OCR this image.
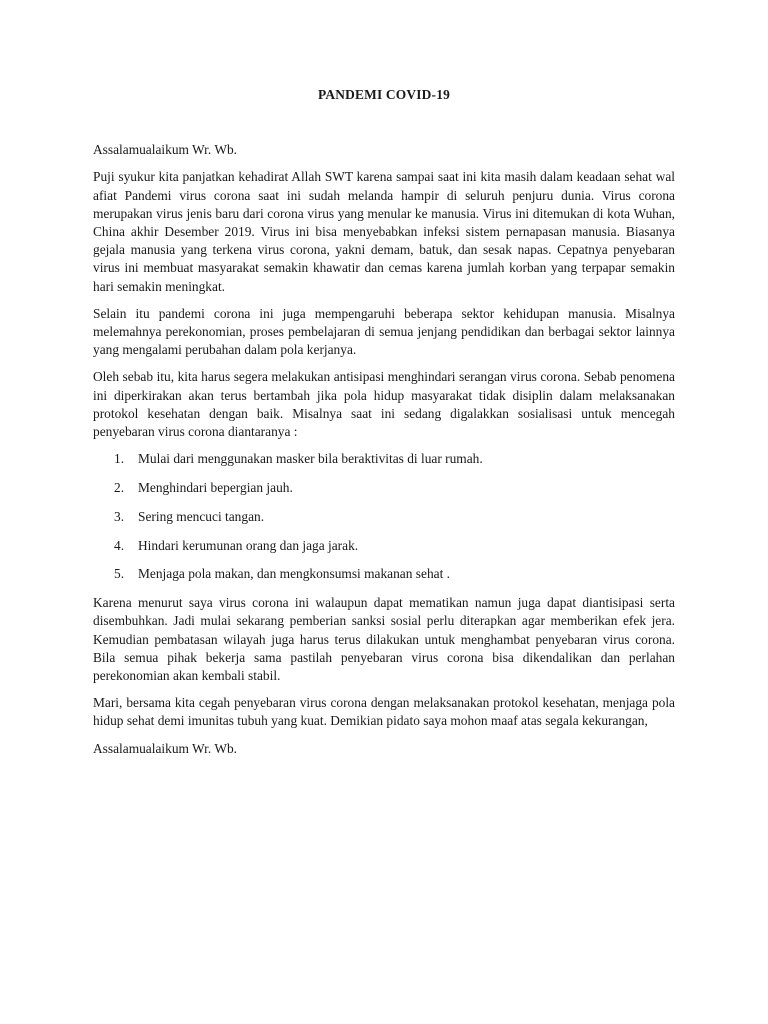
PANDEMI COVID-19

Assalamualaikum Wr. Wb.

Puji syukur kita panjatkan kehadirat Allah SWT karena sampai saat ini kita masih dalam keadaan sehat wal afiat Pandemi virus corona saat ini sudah melanda hampir di seluruh penjuru dunia. Virus corona merupakan virus jenis baru dari corona virus yang menular ke manusia. Virus ini ditemukan di kota Wuhan, China akhir Desember 2019. Virus ini bisa menyebabkan infeksi sistem pernapasan manusia. Biasanya gejala manusia yang terkena virus corona, yakni demam, batuk, dan sesak napas. Cepatnya penyebaran virus ini membuat masyarakat semakin khawatir dan cemas karena jumlah korban yang terpapar semakin hari semakin meningkat.

Selain itu pandemi corona ini juga mempengaruhi beberapa sektor kehidupan manusia. Misalnya melemahnya perekonomian, proses pembelajaran di semua jenjang pendidikan dan berbagai sektor lainnya yang mengalami perubahan dalam pola kerjanya.

Oleh sebab itu, kita harus segera melakukan antisipasi menghindari serangan virus corona. Sebab penomena ini diperkirakan akan terus bertambah jika pola hidup masyarakat tidak disiplin dalam melaksanakan protokol kesehatan dengan baik. Misalnya saat ini sedang digalakkan sosialisasi untuk mencegah penyebaran virus corona diantaranya :

1.	Mulai dari menggunakan masker bila beraktivitas di luar rumah.
2.	Menghindari bepergian jauh.
3.	Sering mencuci tangan.
4.	Hindari kerumunan orang dan jaga jarak.
5.	Menjaga pola makan, dan mengkonsumsi makanan sehat .

Karena menurut saya virus corona ini walaupun dapat mematikan namun juga dapat diantisipasi serta disembuhkan. Jadi mulai sekarang pemberian sanksi sosial perlu diterapkan agar memberikan efek jera. Kemudian pembatasan wilayah juga harus terus dilakukan untuk menghambat penyebaran virus corona. Bila semua pihak bekerja sama pastilah penyebaran virus corona bisa dikendalikan dan perlahan perekonomian akan kembali stabil.

Mari, bersama kita cegah penyebaran virus corona dengan melaksanakan protokol kesehatan, menjaga pola hidup sehat demi imunitas tubuh yang kuat. Demikian pidato saya mohon maaf atas segala kekurangan,

Assalamualaikum Wr. Wb.
